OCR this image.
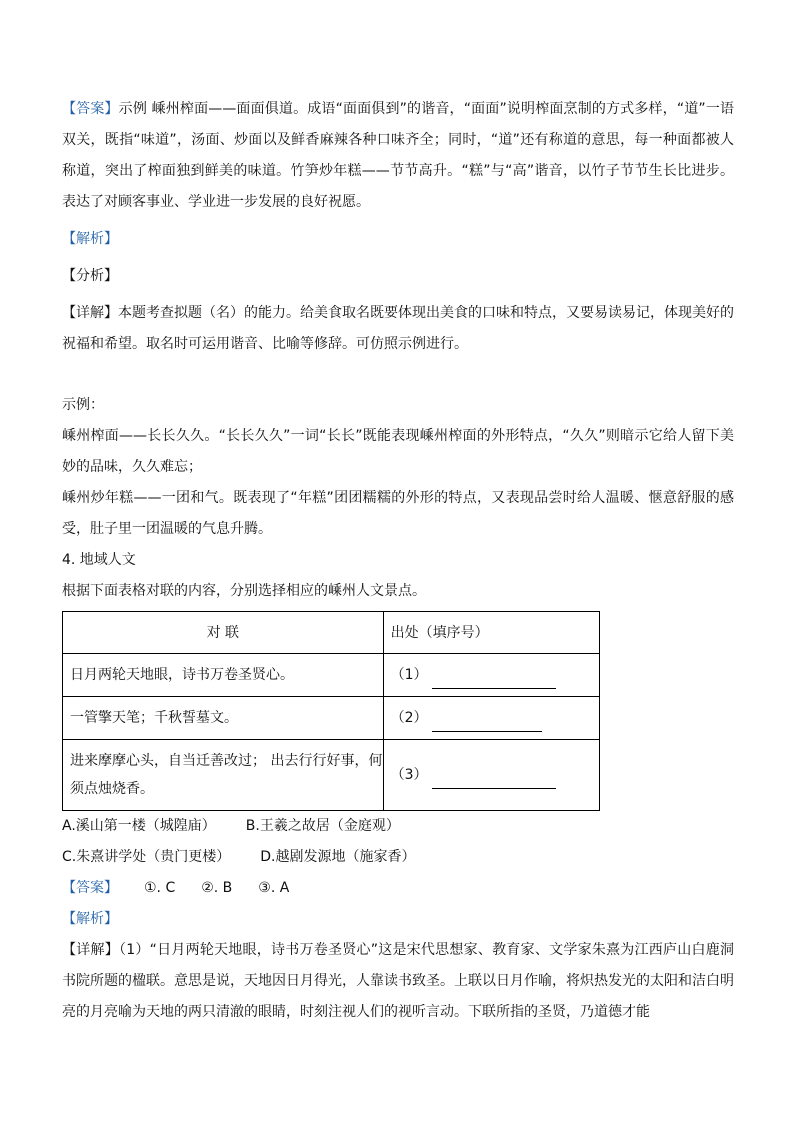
【答案】示例 嵊州榨面——面面俱道。成语“面面俱到”的谐音，“面面”说明榨面烹制的方式多样，“道”一语双关，既指“味道”，汤面、炒面以及鲜香麻辣各种口味齐全；同时，“道”还有称道的意思，每一种面都被人称道，突出了榨面独到鲜美的味道。竹笋炒年糕——节节高升。“糕”与“高”谐音，以竹子节节生长比进步。表达了对顾客事业、学业进一步发展的良好祝愿。

【解析】

【分析】

【详解】本题考查拟题（名）的能力。给美食取名既要体现出美食的口味和特点，又要易读易记，体现美好的祝福和希望。取名时可运用谐音、比喻等修辞。可仿照示例进行。

示例：

嵊州榨面——长长久久。“长长久久”一词“长长”既能表现嵊州榨面的外形特点，“久久”则暗示它给人留下美妙的品味，久久难忘；

嵊州炒年糕——一团和气。既表现了“年糕”团团糯糯的外形的特点，又表现品尝时给人温暖、惬意舒服的感受，肚子里一团温暖的气息升腾。

4. 地域人文

根据下面表格对联的内容，分别选择相应的嵊州人文景点。

对 联	出处（填序号）
日月两轮天地眼，诗书万卷圣贤心。	（1）
一管擎天笔；千秋誓墓文。	（2）
进来摩摩心头，自当迁善改过； 出去行行好事，何须点烛烧香。	（3）

A.溪山第一楼（城隍庙） B.王羲之故居（金庭观）

C.朱熹讲学处（贵门更楼） D.越剧发源地（施家香）

【答案】 ①. C ②. B ③. A

【解析】

【详解】（1）“日月两轮天地眼，诗书万卷圣贤心”这是宋代思想家、教育家、文学家朱熹为江西庐山白鹿洞书院所题的楹联。意思是说，天地因日月得光，人靠读书致圣。上联以日月作喻，将炽热发光的太阳和洁白明亮的月亮喻为天地的两只清澈的眼睛，时刻注视人们的视听言动。下联所指的圣贤，乃道德才能
